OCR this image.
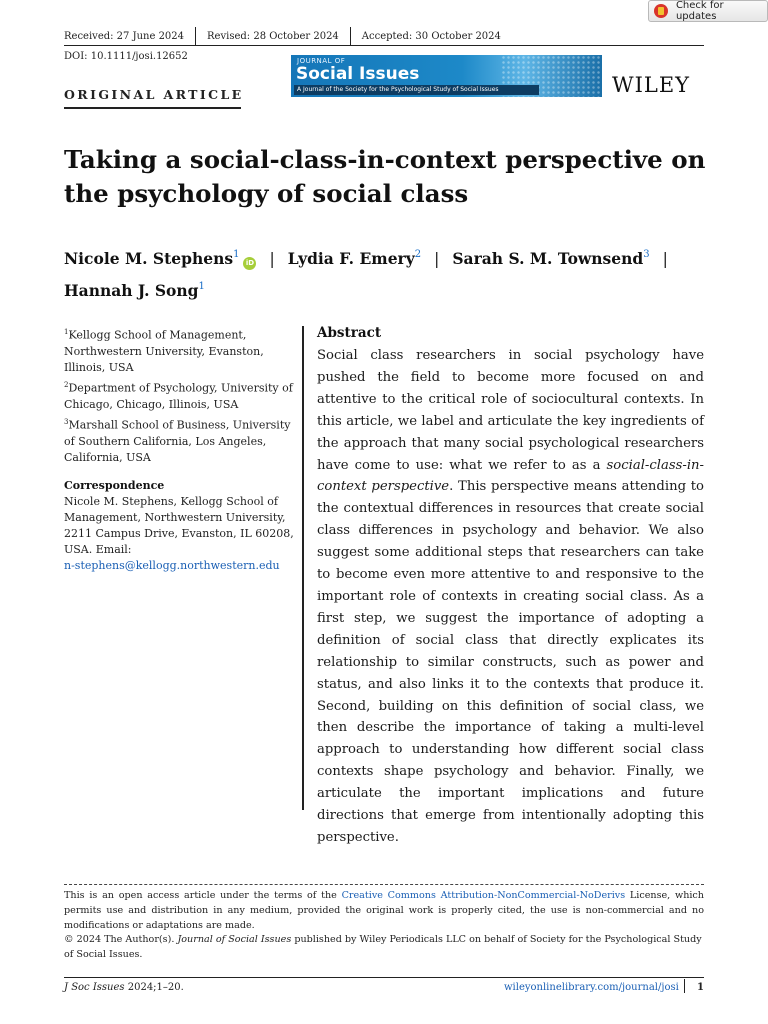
Received: 27 June 2024 Revised: 28 October 2024 Accepted: 30 October 2024
DOI: 10.1111/josi.12652
Check for updates
JOURNAL OF
Social Issues
A Journal of the Society for the Psychological Study of Social Issues	WILEY
ORIGINAL ARTICLE
Taking a social-class-in-context perspective on the psychology of social class
Nicole M. Stephens$^1$iD | Lydia F. Emery$^2$ | Sarah S. M. Townsend$^3$ |
Hannah J. Song$^1$
$^1$Kellogg School of Management, Northwestern University, Evanston, Illinois, USA
$^2$Department of Psychology, University of Chicago, Chicago, Illinois, USA
$^3$Marshall School of Business, University of Southern California, Los Angeles, California, USA
Correspondence
Nicole M. Stephens, Kellogg School of Management, Northwestern University, 2211 Campus Drive, Evanston, IL 60208, USA. Email:
n-stephens@kellogg.northwestern.edu
Abstract
Social class researchers in social psychology have pushed the field to become more focused on and attentive to the critical role of sociocultural contexts. In this article, we label and articulate the key ingredients of the approach that many social psychological researchers have come to use: what we refer to as a social-class-in-context perspective. This perspective means attending to the contextual differences in resources that create social class differences in psychology and behavior. We also suggest some additional steps that researchers can take to become even more attentive to and responsive to the important role of contexts in creating social class. As a first step, we suggest the importance of adopting a definition of social class that directly explicates its relationship to similar constructs, such as power and status, and also links it to the contexts that produce it. Second, building on this definition of social class, we then describe the importance of taking a multi-level approach to understanding how different social class contexts shape psychology and behavior. Finally, we articulate the important implications and future directions that emerge from intentionally adopting this perspective.
This is an open access article under the terms of the Creative Commons Attribution-NonCommercial-NoDerivs License, which permits use and distribution in any medium, provided the original work is properly cited, the use is non-commercial and no modifications or adaptations are made.
© 2024 The Author(s). Journal of Social Issues published by Wiley Periodicals LLC on behalf of Society for the Psychological Study of Social Issues.
J Soc Issues 2024;1–20.	wileyonlinelibrary.com/journal/josi 1
